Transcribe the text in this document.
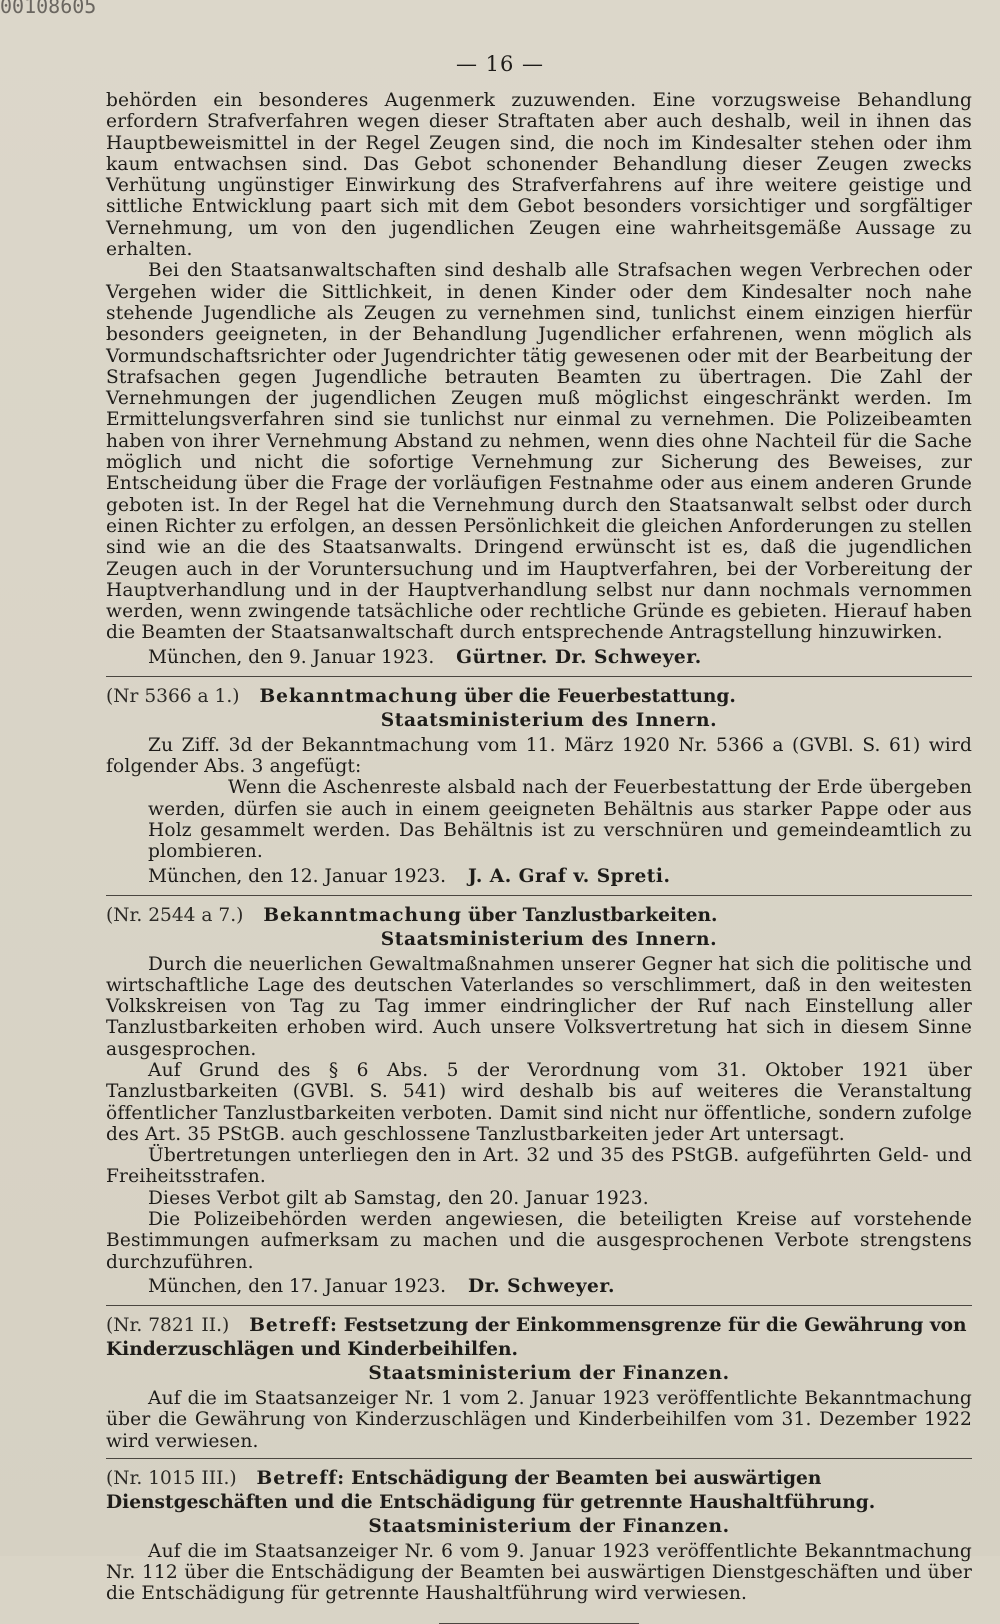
00108605
— 16 —

behörden ein besonderes Augenmerk zuzuwenden. Eine vorzugsweise Behandlung erfordern Strafverfahren wegen dieser Straftaten aber auch deshalb, weil in ihnen das Hauptbeweismittel in der Regel Zeugen sind, die noch im Kindesalter stehen oder ihm kaum entwachsen sind. Das Gebot schonender Behandlung dieser Zeugen zwecks Verhütung ungünstiger Einwirkung des Strafverfahrens auf ihre weitere geistige und sittliche Entwicklung paart sich mit dem Gebot besonders vorsichtiger und sorgfältiger Vernehmung, um von den jugendlichen Zeugen eine wahrheitsgemäße Aussage zu erhalten.

Bei den Staatsanwaltschaften sind deshalb alle Strafsachen wegen Verbrechen oder Vergehen wider die Sittlichkeit, in denen Kinder oder dem Kindesalter noch nahe stehende Jugendliche als Zeugen zu vernehmen sind, tunlichst einem einzigen hierfür besonders geeigneten, in der Behandlung Jugendlicher erfahrenen, wenn möglich als Vormundschaftsrichter oder Jugendrichter tätig gewesenen oder mit der Bearbeitung der Strafsachen gegen Jugendliche betrauten Beamten zu übertragen. Die Zahl der Vernehmungen der jugendlichen Zeugen muß möglichst eingeschränkt werden. Im Ermittelungsverfahren sind sie tunlichst nur einmal zu vernehmen. Die Polizeibeamten haben von ihrer Vernehmung Abstand zu nehmen, wenn dies ohne Nachteil für die Sache möglich und nicht die sofortige Vernehmung zur Sicherung des Beweises, zur Entscheidung über die Frage der vorläufigen Festnahme oder aus einem anderen Grunde geboten ist. In der Regel hat die Vernehmung durch den Staatsanwalt selbst oder durch einen Richter zu erfolgen, an dessen Persönlichkeit die gleichen Anforderungen zu stellen sind wie an die des Staatsanwalts. Dringend erwünscht ist es, daß die jugendlichen Zeugen auch in der Voruntersuchung und im Hauptverfahren, bei der Vorbereitung der Hauptverhandlung und in der Hauptverhandlung selbst nur dann nochmals vernommen werden, wenn zwingende tatsächliche oder rechtliche Gründe es gebieten. Hierauf haben die Beamten der Staatsanwaltschaft durch entsprechende Antragstellung hinzuwirken.

München, den 9. Januar 1923. Gürtner. Dr. Schweyer.
(Nr 5366 a 1.) Bekanntmachung über die Feuerbestattung.
Staatsministerium des Innern.

Zu Ziff. 3d der Bekanntmachung vom 11. März 1920 Nr. 5366 a (GVBl. S. 61) wird folgender Abs. 3 angefügt:

Wenn die Aschenreste alsbald nach der Feuerbestattung der Erde übergeben werden, dürfen sie auch in einem geeigneten Behältnis aus starker Pappe oder aus Holz gesammelt werden. Das Behältnis ist zu verschnüren und gemeindeamtlich zu plombieren.

München, den 12. Januar 1923. J. A. Graf v. Spreti.
(Nr. 2544 a 7.) Bekanntmachung über Tanzlustbarkeiten.
Staatsministerium des Innern.

Durch die neuerlichen Gewaltmaßnahmen unserer Gegner hat sich die politische und wirtschaftliche Lage des deutschen Vaterlandes so verschlimmert, daß in den weitesten Volkskreisen von Tag zu Tag immer eindringlicher der Ruf nach Einstellung aller Tanzlustbarkeiten erhoben wird. Auch unsere Volksvertretung hat sich in diesem Sinne ausgesprochen.

Auf Grund des § 6 Abs. 5 der Verordnung vom 31. Oktober 1921 über Tanzlustbarkeiten (GVBl. S. 541) wird deshalb bis auf weiteres die Veranstaltung öffentlicher Tanzlustbarkeiten verboten. Damit sind nicht nur öffentliche, sondern zufolge des Art. 35 PStGB. auch geschlossene Tanzlustbarkeiten jeder Art untersagt.

Übertretungen unterliegen den in Art. 32 und 35 des PStGB. aufgeführten Geld- und Freiheitsstrafen.

Dieses Verbot gilt ab Samstag, den 20. Januar 1923.

Die Polizeibehörden werden angewiesen, die beteiligten Kreise auf vorstehende Bestimmungen aufmerksam zu machen und die ausgesprochenen Verbote strengstens durchzuführen.

München, den 17. Januar 1923. Dr. Schweyer.
(Nr. 7821 II.) Betreff: Festsetzung der Einkommensgrenze für die Gewährung von Kinderzuschlägen und Kinderbeihilfen.
Staatsministerium der Finanzen.

Auf die im Staatsanzeiger Nr. 1 vom 2. Januar 1923 veröffentlichte Bekanntmachung über die Gewährung von Kinderzuschlägen und Kinderbeihilfen vom 31. Dezember 1922 wird verwiesen.

(Nr. 1015 III.) Betreff: Entschädigung der Beamten bei auswärtigen Dienstgeschäften und die Entschädigung für getrennte Haushaltführung.
Staatsministerium der Finanzen.

Auf die im Staatsanzeiger Nr. 6 vom 9. Januar 1923 veröffentlichte Bekanntmachung Nr. 112 über die Entschädigung der Beamten bei auswärtigen Dienstgeschäften und über die Entschädigung für getrennte Haushaltführung wird verwiesen.
